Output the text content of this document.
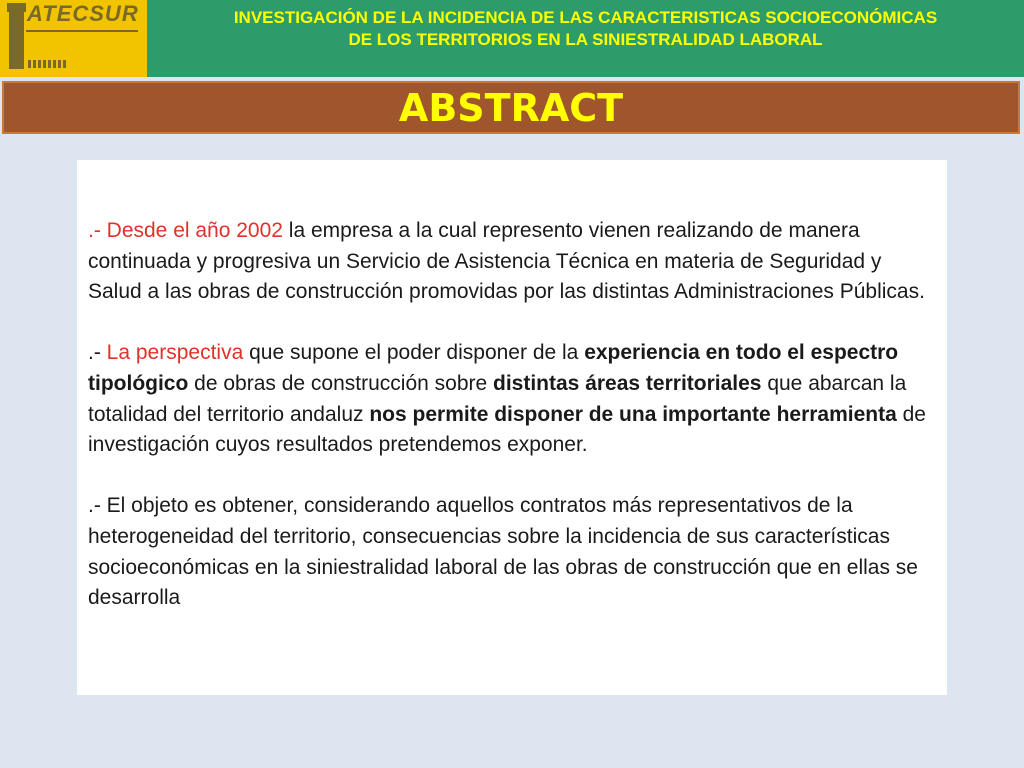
ATECSUR	INVESTIGACIÓN DE LA INCIDENCIA DE LAS CARACTERISTICAS SOCIOECONÓMICAS
DE LOS TERRITORIOS EN LA SINIESTRALIDAD LABORAL
ABSTRACT

.- Desde el año 2002 la empresa a la cual represento vienen realizando de manera continuada y progresiva un Servicio de Asistencia Técnica en materia de Seguridad y Salud a las obras de construcción promovidas por las distintas Administraciones Públicas.

.- La perspectiva que supone el poder disponer de la experiencia en todo el espectro tipológico de obras de construcción sobre distintas áreas territoriales que abarcan la totalidad del territorio andaluz nos permite disponer de una importante herramienta de investigación cuyos resultados pretendemos exponer.

.- El objeto es obtener, considerando aquellos contratos más representativos de la heterogeneidad del territorio, consecuencias sobre la incidencia de sus características socioeconómicas en la siniestralidad laboral de las obras de construcción que en ellas se desarrolla
